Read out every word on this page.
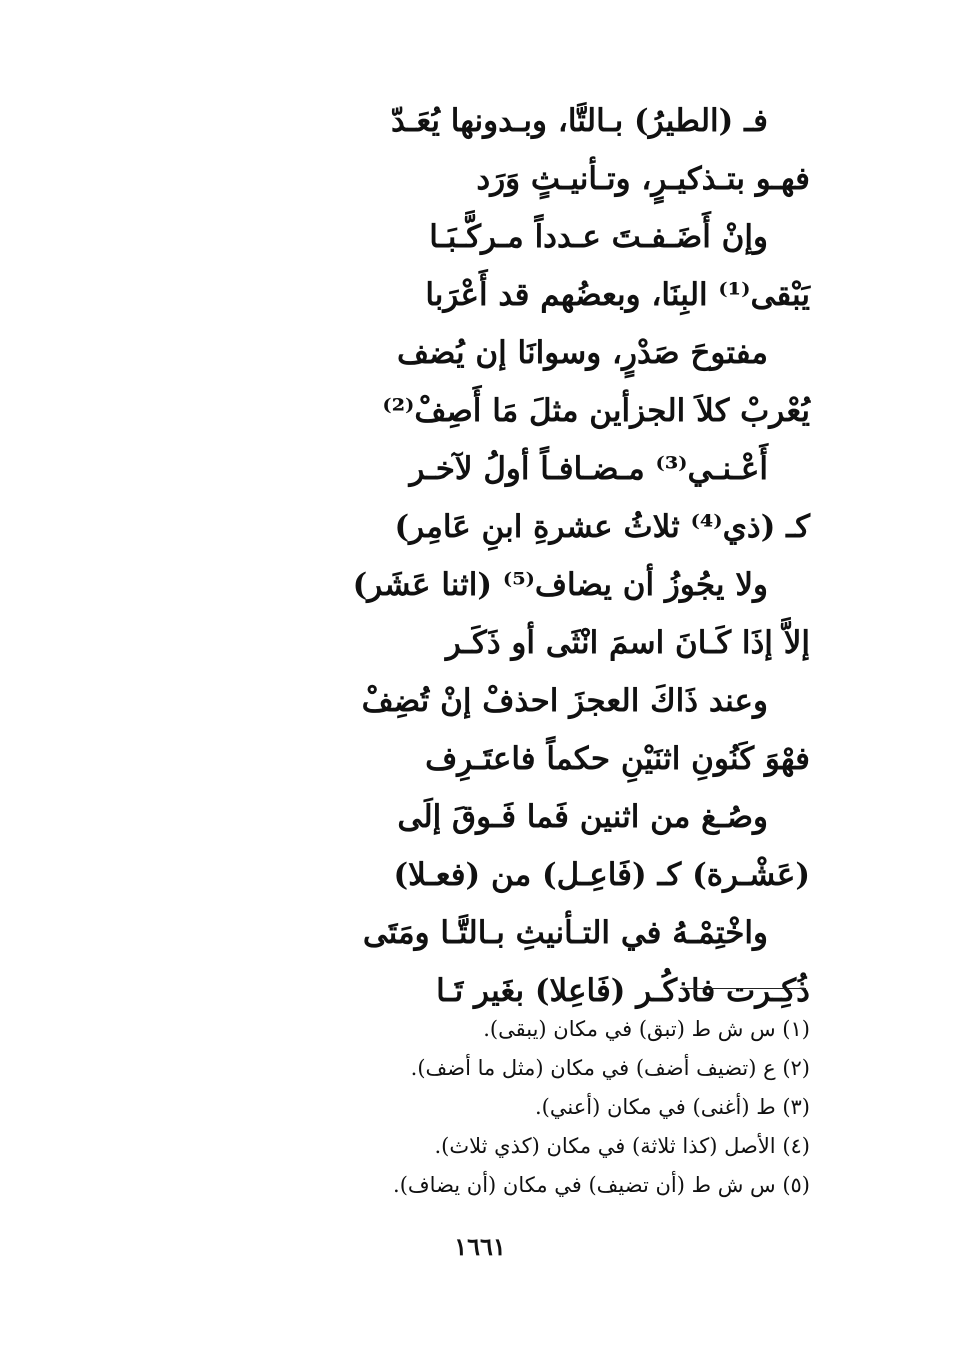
فـ (الطيرُ) بـالتَّا، وبـدونها يُعَـدّ
فهـو بتـذكيـرٍ، وتـأنيـثٍ وَرَد
وإنْ أَضَـفـتَ عـدداً مـركَّـبَـا
يَبْقى⁽¹⁾ البِنَا، وبعضُهم قد أَعْرَبا
مفتوحَ صَدْرٍ، وسوانَا إن يُضف
يُعْربْ كلاَ الجزأين مثلَ مَا أَصِفْ⁽²⁾
أَعْـنـي⁽³⁾ مـضـافـاً أولُ لآخـر
كـ (ذي⁽⁴⁾ ثلاثُ عشرةِ ابنِ عَامِر)
ولا يجُوزُ أن يضاف⁽⁵⁾ (اثنا عَشَر)
إلاَّ إذَا كَـانَ اسمَ انْثَى أو ذَكَـر
وعند ذَاكَ العجزَ احذفْ إنْ تُضِفْ
فهْوَ كَنُونِ اثنَيْنِ حكماً فاعتَـرِف
وصُـغ من اثنين فَما فَـوقَ إلَى
(عَشْـرة) كـ (فَاعِـل) من (فعـلا)
واخْتِمْـهُ في التـأنيثِ بـالتَّـا ومَتَى
ذُكِـرت فاذكُـر (فَاعِلا) بغَير تَـا
(١) س ش ط (تبق) في مكان (يبقى).
(٢) ع (تضيف أضف) في مكان (مثل ما أضف).
(٣) ط (أغنى) في مكان (أعني).
(٤) الأصل (كذا ثلاثة) في مكان (كذي ثلاث).
(٥) س ش ط (أن تضيف) في مكان (أن يضاف).
١٦٦١
